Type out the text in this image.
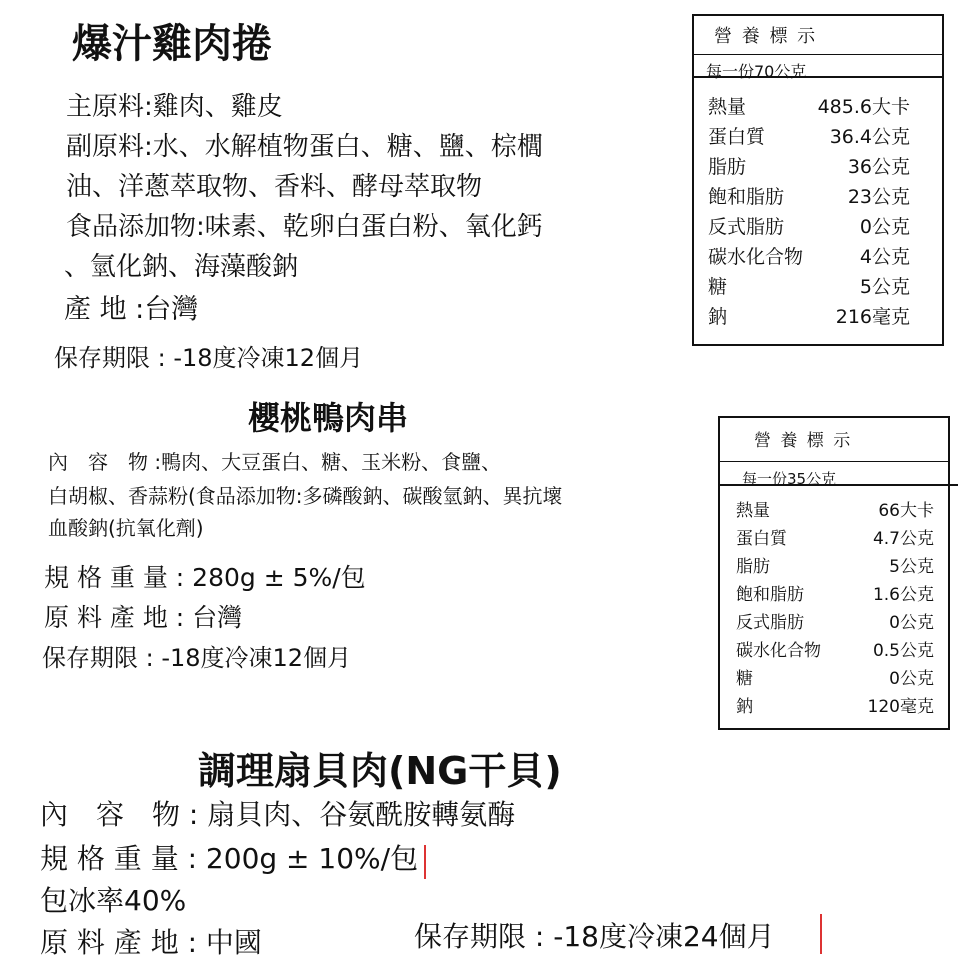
爆汁雞肉捲
主原料:雞肉、雞皮
副原料:水、水解植物蛋白、糖、鹽、棕櫚
油、洋蔥萃取物、香料、酵母萃取物
食品添加物:味素、乾卵白蛋白粉、氧化鈣
、氫化鈉、海藻酸鈉
產 地 :台灣
保存期限 : -18度冷凍12個月
營 養 標 示
每一份70公克
熱量	485.6大卡
蛋白質	36.4公克
脂肪	36公克
飽和脂肪	23公克
反式脂肪	0公克
碳水化合物	4公克
糖	5公克
鈉	216毫克
櫻桃鴨肉串
內　容　物 :鴨肉、大豆蛋白、糖、玉米粉、食鹽、
白胡椒、香蒜粉(食品添加物:多磷酸鈉、碳酸氫鈉、異抗壞
血酸鈉(抗氧化劑)
規 格 重 量 : 280g ± 5%/包
原 料 產 地 : 台灣
保存期限 : -18度冷凍12個月
營 養 標 示
每一份35公克
熱量	66大卡
蛋白質	4.7公克
脂肪	5公克
飽和脂肪	1.6公克
反式脂肪	0公克
碳水化合物	0.5公克
糖	0公克
鈉	120毫克
調理扇貝肉(NG干貝)
內　容　物 : 扇貝肉、谷氨酰胺轉氨酶
規 格 重 量 : 200g ± 10%/包
包冰率40%
原 料 產 地 : 中國	保存期限 : -18度冷凍24個月
